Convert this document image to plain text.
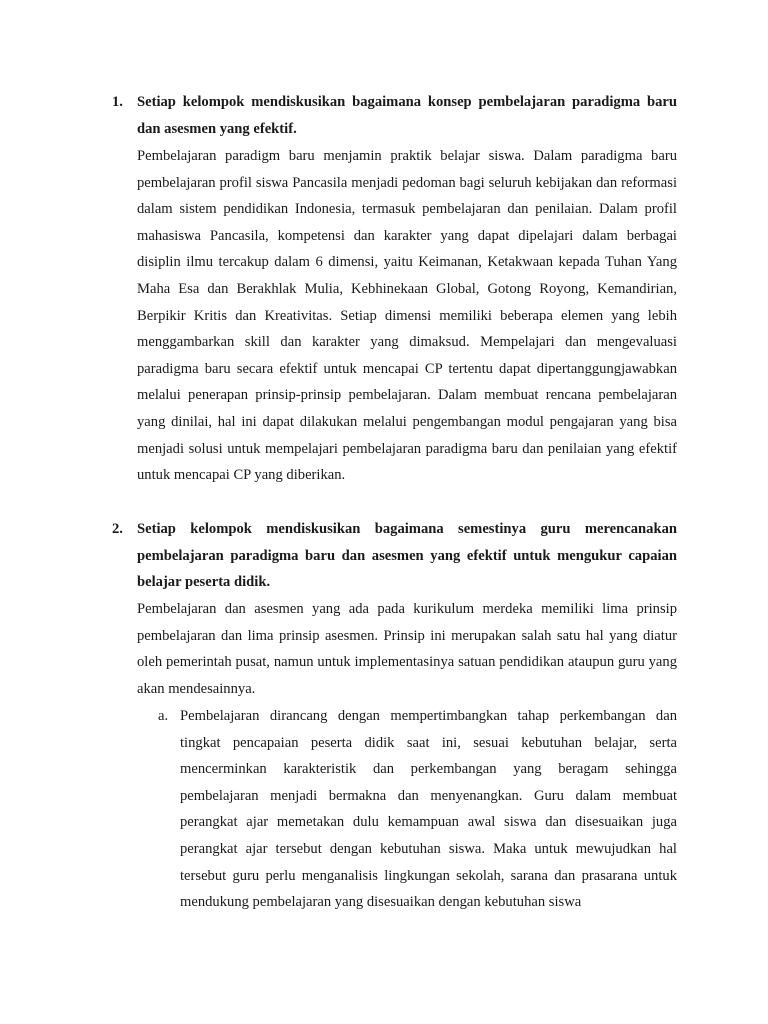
1. Setiap kelompok mendiskusikan bagaimana konsep pembelajaran paradigma baru dan asesmen yang efektif.
Pembelajaran paradigm baru menjamin praktik belajar siswa. Dalam paradigma baru pembelajaran profil siswa Pancasila menjadi pedoman bagi seluruh kebijakan dan reformasi dalam sistem pendidikan Indonesia, termasuk pembelajaran dan penilaian. Dalam profil mahasiswa Pancasila, kompetensi dan karakter yang dapat dipelajari dalam berbagai disiplin ilmu tercakup dalam 6 dimensi, yaitu Keimanan, Ketakwaan kepada Tuhan Yang Maha Esa dan Berakhlak Mulia, Kebhinekaan Global, Gotong Royong, Kemandirian, Berpikir Kritis dan Kreativitas. Setiap dimensi memiliki beberapa elemen yang lebih menggambarkan skill dan karakter yang dimaksud. Mempelajari dan mengevaluasi paradigma baru secara efektif untuk mencapai CP tertentu dapat dipertanggungjawabkan melalui penerapan prinsip-prinsip pembelajaran. Dalam membuat rencana pembelajaran yang dinilai, hal ini dapat dilakukan melalui pengembangan modul pengajaran yang bisa menjadi solusi untuk mempelajari pembelajaran paradigma baru dan penilaian yang efektif untuk mencapai CP yang diberikan.
2. Setiap kelompok mendiskusikan bagaimana semestinya guru merencanakan pembelajaran paradigma baru dan asesmen yang efektif untuk mengukur capaian belajar peserta didik.
Pembelajaran dan asesmen yang ada pada kurikulum merdeka memiliki lima prinsip pembelajaran dan lima prinsip asesmen. Prinsip ini merupakan salah satu hal yang diatur oleh pemerintah pusat, namun untuk implementasinya satuan pendidikan ataupun guru yang akan mendesainnya.
a. Pembelajaran dirancang dengan mempertimbangkan tahap perkembangan dan tingkat pencapaian peserta didik saat ini, sesuai kebutuhan belajar, serta mencerminkan karakteristik dan perkembangan yang beragam sehingga pembelajaran menjadi bermakna dan menyenangkan. Guru dalam membuat perangkat ajar memetakan dulu kemampuan awal siswa dan disesuaikan juga perangkat ajar tersebut dengan kebutuhan siswa. Maka untuk mewujudkan hal tersebut guru perlu menganalisis lingkungan sekolah, sarana dan prasarana untuk mendukung pembelajaran yang disesuaikan dengan kebutuhan siswa
